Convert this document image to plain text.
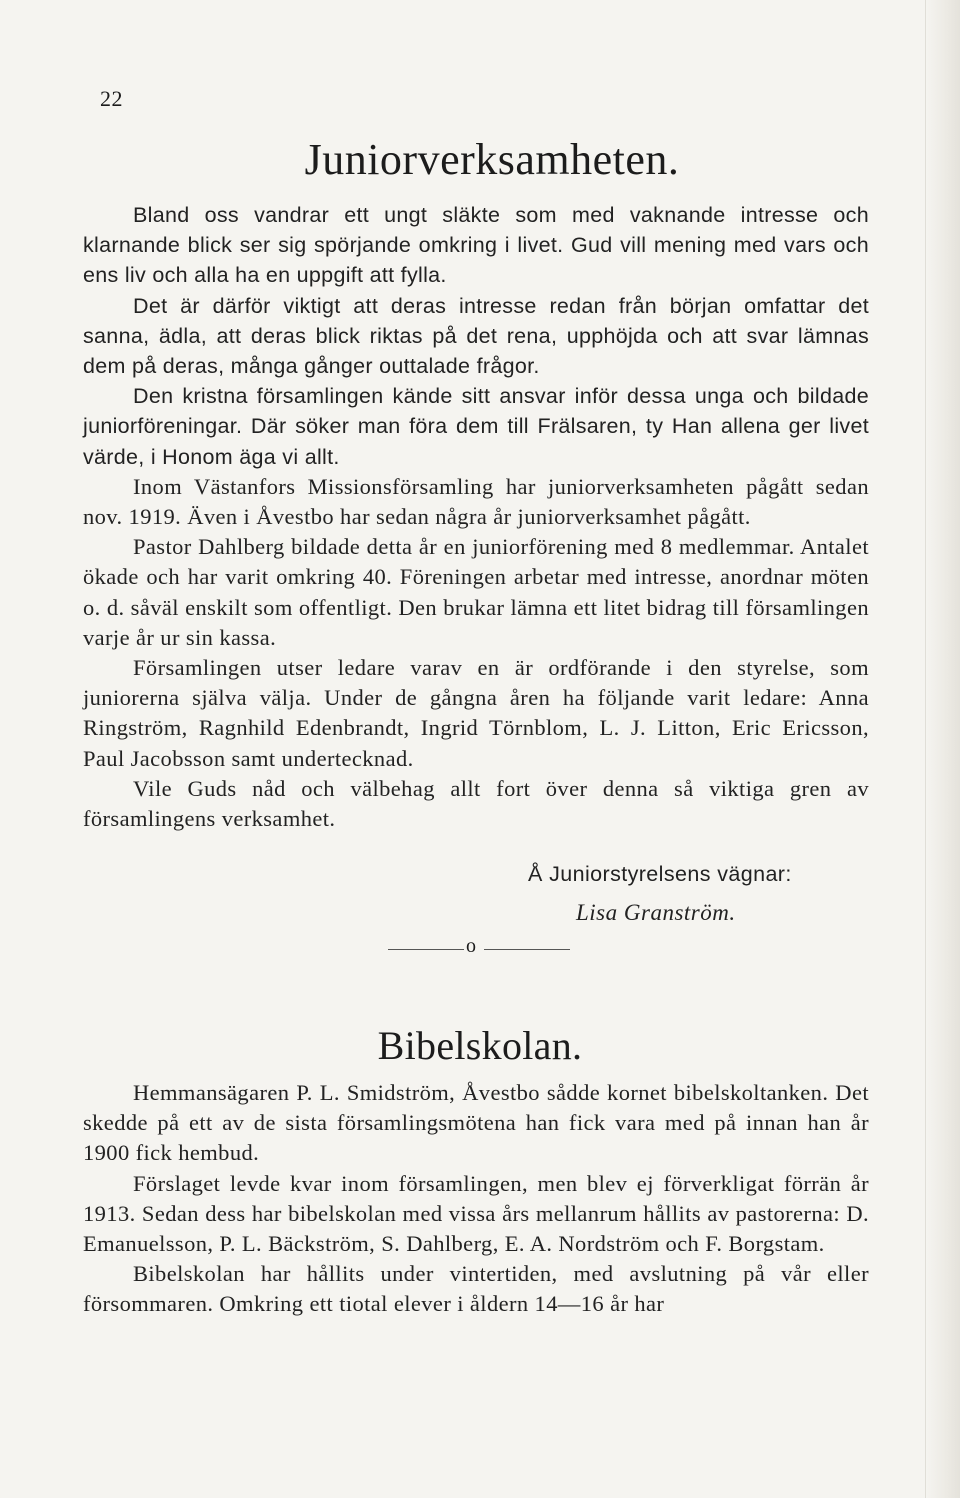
22
Juniorverksamheten.

Bland oss vandrar ett ungt släkte som med vaknande intresse och klarnande blick ser sig spörjande omkring i livet. Gud vill mening med vars och ens liv och alla ha en uppgift att fylla.

Det är därför viktigt att deras intresse redan från början omfattar det sanna, ädla, att deras blick riktas på det rena, upphöjda och att svar lämnas dem på deras, många gånger outtalade frågor.

Den kristna församlingen kände sitt ansvar inför dessa unga och bildade juniorföreningar. Där söker man föra dem till Frälsaren, ty Han allena ger livet värde, i Honom äga vi allt.

Inom Västanfors Missionsförsamling har juniorverksamheten pågått sedan nov. 1919. Även i Åvestbo har sedan några år juniorverksamhet pågått.

Pastor Dahlberg bildade detta år en juniorförening med 8 medlemmar. Antalet ökade och har varit omkring 40. Föreningen arbetar med intresse, anordnar möten o. d. såväl enskilt som offentligt. Den brukar lämna ett litet bidrag till församlingen varje år ur sin kassa.

Församlingen utser ledare varav en är ordförande i den styrelse, som juniorerna själva välja. Under de gångna åren ha följande varit ledare: Anna Ringström, Ragnhild Edenbrandt, Ingrid Törnblom, L. J. Litton, Eric Ericsson, Paul Jacobsson samt undertecknad.

Vile Guds nåd och välbehag allt fort över denna så viktiga gren av församlingens verksamhet.

Å Juniorstyrelsens vägnar:
Lisa Granström.
o
Bibelskolan.

Hemmansägaren P. L. Smidström, Åvestbo sådde kornet bibelskoltanken. Det skedde på ett av de sista församlingsmötena han fick vara med på innan han år 1900 fick hembud.

Förslaget levde kvar inom församlingen, men blev ej förverkligat förrän år 1913. Sedan dess har bibelskolan med vissa års mellanrum hållits av pastorerna: D. Emanuelsson, P. L. Bäckström, S. Dahlberg, E. A. Nordström och F. Borgstam.

Bibelskolan har hållits under vintertiden, med avslutning på vår eller försommaren. Omkring ett tiotal elever i åldern 14—16 år har
